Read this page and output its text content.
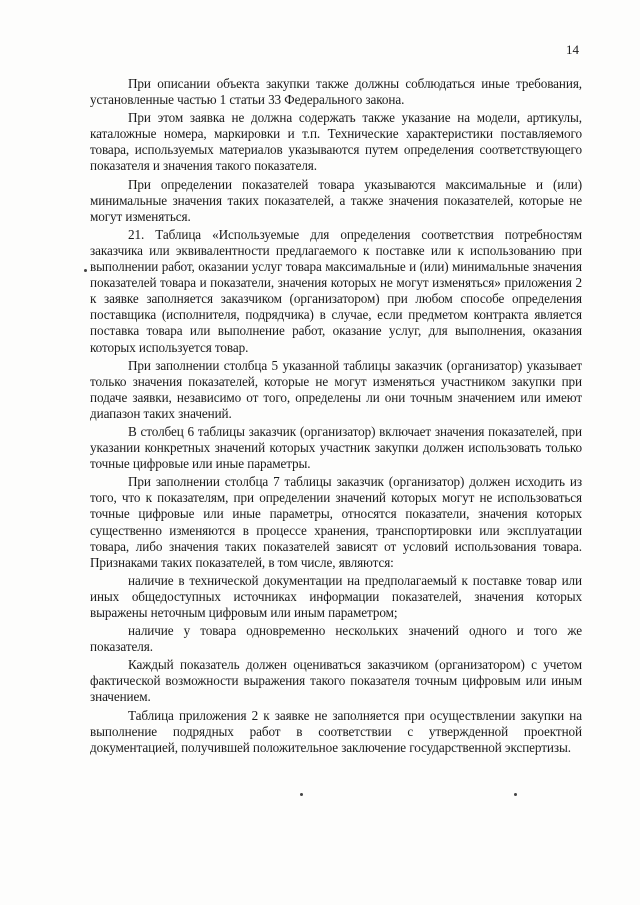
14

При описании объекта закупки также должны соблюдаться иные требования, установленные частью 1 статьи 33 Федерального закона.

При этом заявка не должна содержать также указание на модели, артикулы, каталожные номера, маркировки и т.п. Технические характеристики поставляемого товара, используемых материалов указываются путем определения соответствующего показателя и значения такого показателя.

При определении показателей товара указываются максимальные и (или) минимальные значения таких показателей, а также значения показателей, которые не могут изменяться.

21. Таблица «Используемые для определения соответствия потребностям заказчика или эквивалентности предлагаемого к поставке или к использованию при выполнении работ, оказании услуг товара максимальные и (или) минимальные значения показателей товара и показатели, значения которых не могут изменяться» приложения 2 к заявке заполняется заказчиком (организатором) при любом способе определения поставщика (исполнителя, подрядчика) в случае, если предметом контракта является поставка товара или выполнение работ, оказание услуг, для выполнения, оказания которых используется товар.

При заполнении столбца 5 указанной таблицы заказчик (организатор) указывает только значения показателей, которые не могут изменяться участником закупки при подаче заявки, независимо от того, определены ли они точным значением или имеют диапазон таких значений.

В столбец 6 таблицы заказчик (организатор) включает значения показателей, при указании конкретных значений которых участник закупки должен использовать только точные цифровые или иные параметры.

При заполнении столбца 7 таблицы заказчик (организатор) должен исходить из того, что к показателям, при определении значений которых могут не использоваться точные цифровые или иные параметры, относятся показатели, значения которых существенно изменяются в процессе хранения, транспортировки или эксплуатации товара, либо значения таких показателей зависят от условий использования товара. Признаками таких показателей, в том числе, являются:

наличие в технической документации на предполагаемый к поставке товар или иных общедоступных источниках информации показателей, значения которых выражены неточным цифровым или иным параметром;

наличие у товара одновременно нескольких значений одного и того же показателя.

Каждый показатель должен оцениваться заказчиком (организатором) с учетом фактической возможности выражения такого показателя точным цифровым или иным значением.

Таблица приложения 2 к заявке не заполняется при осуществлении закупки на выполнение подрядных работ в соответствии с утвержденной проектной документацией, получившей положительное заключение государственной экспертизы.
